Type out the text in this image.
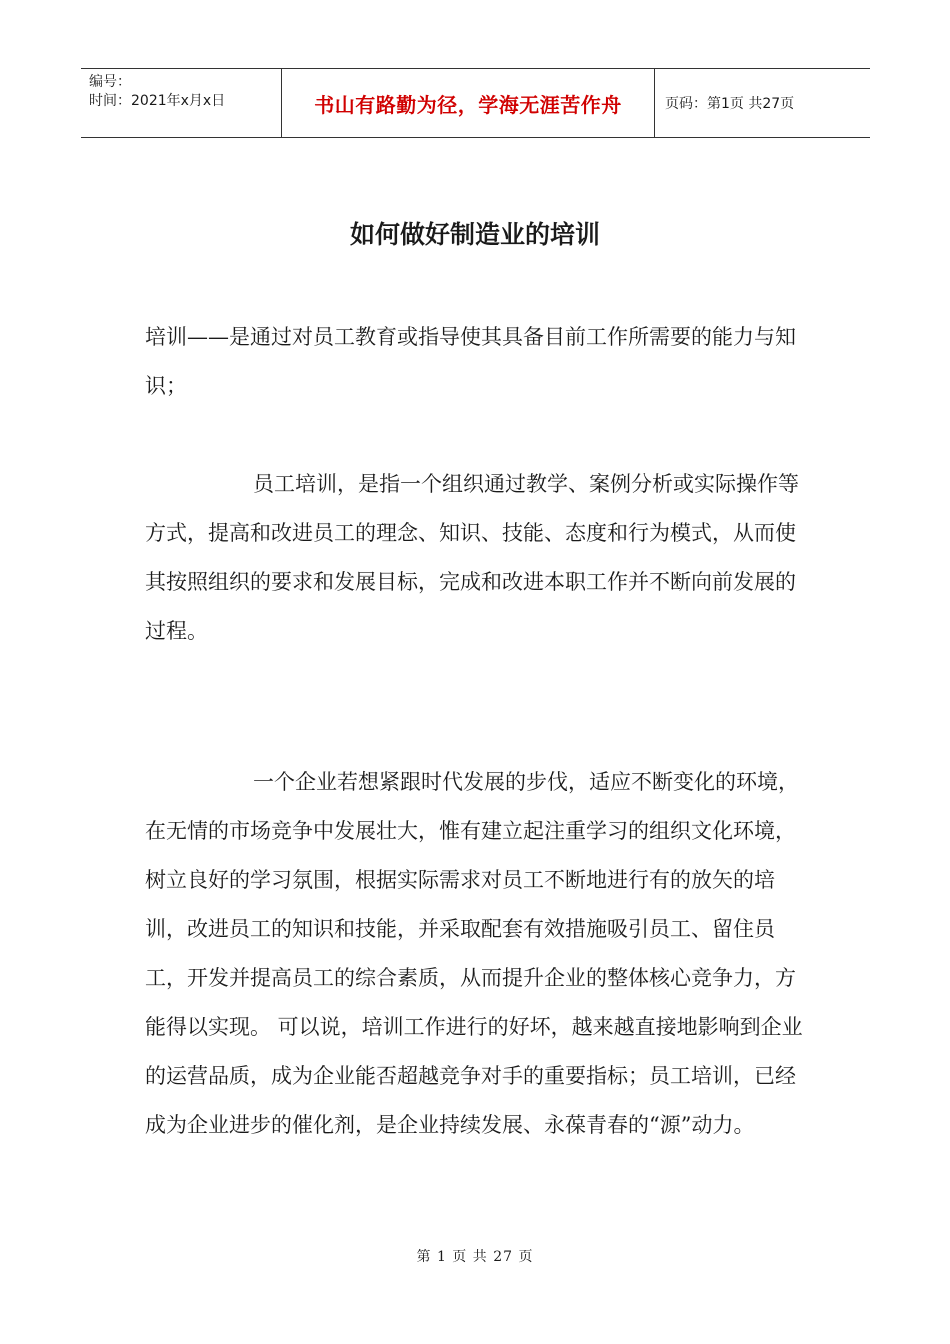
编号：
时间：2021年x月x日	书山有路勤为径，学海无涯苦作舟	页码：第1页 共27页
如何做好制造业的培训

培训——是通过对员工教育或指导使其具备目前工作所需要的能力与知识；

员工培训，是指一个组织通过教学、案例分析或实际操作等方式，提高和改进员工的理念、知识、技能、态度和行为模式，从而使其按照组织的要求和发展目标，完成和改进本职工作并不断向前发展的过程。

一个企业若想紧跟时代发展的步伐，适应不断变化的环境，在无情的市场竞争中发展壮大，惟有建立起注重学习的组织文化环境，树立良好的学习氛围，根据实际需求对员工不断地进行有的放矢的培训，改进员工的知识和技能，并采取配套有效措施吸引员工、留住员工，开发并提高员工的综合素质，从而提升企业的整体核心竞争力，方能得以实现。 可以说，培训工作进行的好坏，越来越直接地影响到企业的运营品质，成为企业能否超越竞争对手的重要指标；员工培训，已经成为企业进步的催化剂，是企业持续发展、永葆青春的“源”动力。

第 1 页 共 27 页
